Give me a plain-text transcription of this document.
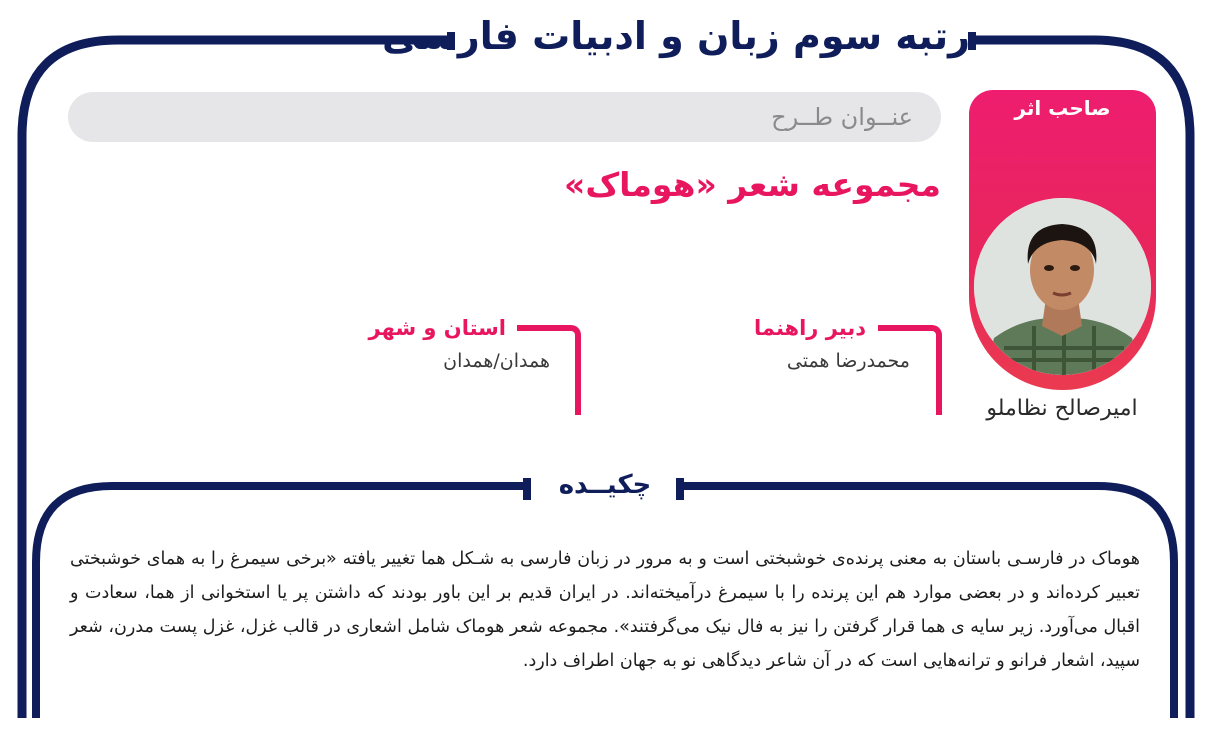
رتبه سوم زبان و ادبیات فارسی
عنــوان طــرح
مجموعه شعر «هوماک»
صاحب اثر
امیرصالح نظاملو
دبیر راهنما
محمدرضا همتی
استان و شهر
همدان/همدان
چکیــده
هوماک در فارسـی باستان به معنی پرنده‌ی خوشبختی است و به مرور در زبان فارسی به شـکل هما تغییر یافته «برخی سیمرغ را به همای خوشبختی تعبیر کرده‌اند و در بعضی موارد هم این پرنده را با سیمرغ درآمیخته‌اند. در ایران قدیم بر این باور بودند که داشتن پر یا استخوانی از هما، سعادت و اقبال می‌آورد. زیر سایه ی هما قرار گرفتن را نیز به فال نیک می‌گرفتند». مجموعه شعر هوماک شامل اشعاری در قالب غزل، غزل پست مدرن، شعر سپید، اشعار فرانو و ترانه‌هایی است که در آن شاعر دیدگاهی نو به جهان اطراف دارد.
